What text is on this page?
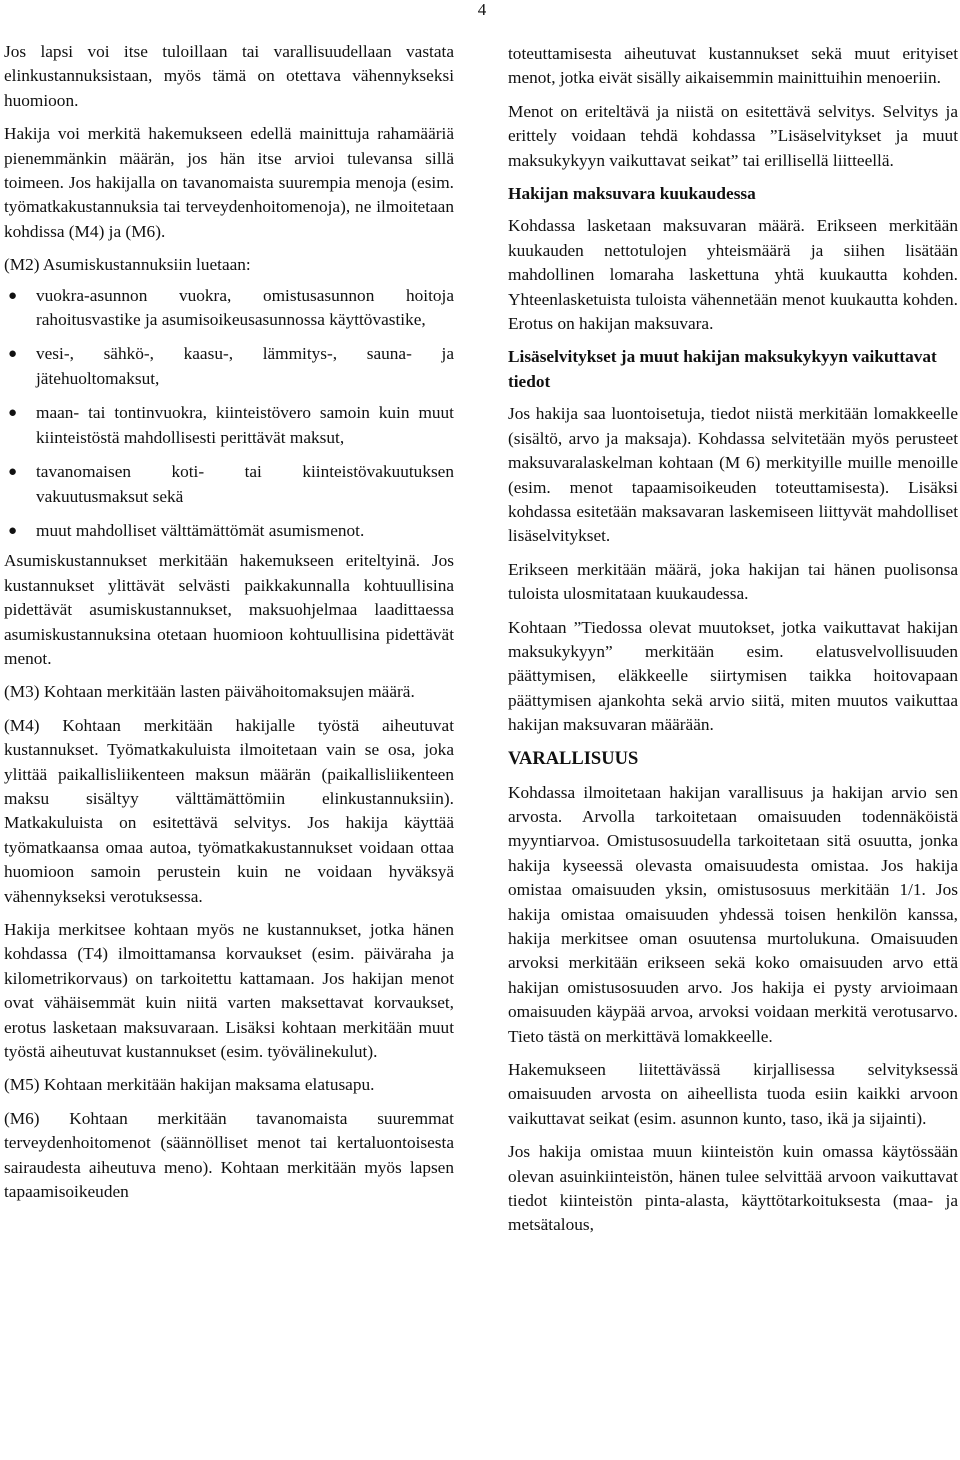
4

Jos lapsi voi itse tuloillaan tai varallisuudellaan vastata elinkustannuksistaan, myös tämä on otettava vähennykseksi huomioon.

Hakija voi merkitä hakemukseen edellä mainittuja rahamääriä pienemmänkin määrän, jos hän itse arvioi tulevansa sillä toimeen. Jos hakijalla on tavanomaista suurempia menoja (esim. työmatkakustannuksia tai terveydenhoitomenoja), ne ilmoitetaan kohdissa (M4) ja (M6).

(M2) Asumiskustannuksiin luetaan:

● vuokra-asunnon vuokra, omistusasunnon hoitoja rahoitusvastike ja asumisoikeusasunnossa käyttövastike,
● vesi-, sähkö-, kaasu-, lämmitys-, sauna- ja jätehuoltomaksut,
● maan- tai tontinvuokra, kiinteistövero samoin kuin muut kiinteistöstä mahdollisesti perittävät maksut,
● tavanomaisen koti- tai kiinteistövakuutuksen vakuutusmaksut sekä
● muut mahdolliset välttämättömät asumismenot.

Asumiskustannukset merkitään hakemukseen eriteltyinä. Jos kustannukset ylittävät selvästi paikkakunnalla kohtuullisina pidettävät asumiskustannukset, maksuohjelmaa laadittaessa asumiskustannuksina otetaan huomioon kohtuullisina pidettävät menot.

(M3) Kohtaan merkitään lasten päivähoitomaksujen määrä.

(M4) Kohtaan merkitään hakijalle työstä aiheutuvat kustannukset. Työmatkakuluista ilmoitetaan vain se osa, joka ylittää paikallisliikenteen maksun määrän (paikallisliikenteen maksu sisältyy välttämättömiin elinkustannuksiin). Matkakuluista on esitettävä selvitys. Jos hakija käyttää työmatkaansa omaa autoa, työmatkakustannukset voidaan ottaa huomioon samoin perustein kuin ne voidaan hyväksyä vähennykseksi verotuksessa.

Hakija merkitsee kohtaan myös ne kustannukset, jotka hänen kohdassa (T4) ilmoittamansa korvaukset (esim. päiväraha ja kilometrikorvaus) on tarkoitettu kattamaan. Jos hakijan menot ovat vähäisemmät kuin niitä varten maksettavat korvaukset, erotus lasketaan maksuvaraan. Lisäksi kohtaan merkitään muut työstä aiheutuvat kustannukset (esim. työvälinekulut).

(M5) Kohtaan merkitään hakijan maksama elatusapu.

(M6) Kohtaan merkitään tavanomaista suuremmat terveydenhoitomenot (säännölliset menot tai kertaluontoisesta sairaudesta aiheutuva meno). Kohtaan merkitään myös lapsen tapaamisoikeuden

toteuttamisesta aiheutuvat kustannukset sekä muut erityiset menot, jotka eivät sisälly aikaisemmin mainittuihin menoeriin.

Menot on eriteltävä ja niistä on esitettävä selvitys. Selvitys ja erittely voidaan tehdä kohdassa ”Lisäselvitykset ja muut maksukykyyn vaikuttavat seikat” tai erillisellä liitteellä.

Hakijan maksuvara kuukaudessa

Kohdassa lasketaan maksuvaran määrä. Erikseen merkitään kuukauden nettotulojen yhteismäärä ja siihen lisätään mahdollinen lomaraha laskettuna yhtä kuukautta kohden. Yhteenlasketuista tuloista vähennetään menot kuukautta kohden. Erotus on hakijan maksuvara.

Lisäselvitykset ja muut hakijan maksukykyyn vaikuttavat tiedot

Jos hakija saa luontoisetuja, tiedot niistä merkitään lomakkeelle (sisältö, arvo ja maksaja). Kohdassa selvitetään myös perusteet maksuvaralaskelman kohtaan (M 6) merkityille muille menoille (esim. menot tapaamisoikeuden toteuttamisesta). Lisäksi kohdassa esitetään maksavaran laskemiseen liittyvät mahdolliset lisäselvitykset.

Erikseen merkitään määrä, joka hakijan tai hänen puolisonsa tuloista ulosmitataan kuukaudessa.

Kohtaan ”Tiedossa olevat muutokset, jotka vaikuttavat hakijan maksukykyyn” merkitään esim. elatusvelvollisuuden päättymisen, eläkkeelle siirtymisen taikka hoitovapaan päättymisen ajankohta sekä arvio siitä, miten muutos vaikuttaa hakijan maksuvaran määrään.

VARALLISUUS

Kohdassa ilmoitetaan hakijan varallisuus ja hakijan arvio sen arvosta. Arvolla tarkoitetaan omaisuuden todennäköistä myyntiarvoa. Omistusosuudella tarkoitetaan sitä osuutta, jonka hakija kyseessä olevasta omaisuudesta omistaa. Jos hakija omistaa omaisuuden yksin, omistusosuus merkitään 1/1. Jos hakija omistaa omaisuuden yhdessä toisen henkilön kanssa, hakija merkitsee oman osuutensa murtolukuna. Omaisuuden arvoksi merkitään erikseen sekä koko omaisuuden arvo että hakijan omistusosuuden arvo. Jos hakija ei pysty arvioimaan omaisuuden käypää arvoa, arvoksi voidaan merkitä verotusarvo. Tieto tästä on merkittävä lomakkeelle.

Hakemukseen liitettävässä kirjallisessa selvityksessä omaisuuden arvosta on aiheellista tuoda esiin kaikki arvoon vaikuttavat seikat (esim. asunnon kunto, taso, ikä ja sijainti).

Jos hakija omistaa muun kiinteistön kuin omassa käytössään olevan asuinkiinteistön, hänen tulee selvittää arvoon vaikuttavat tiedot kiinteistön pinta-alasta, käyttötarkoituksesta (maa- ja metsätalous,
